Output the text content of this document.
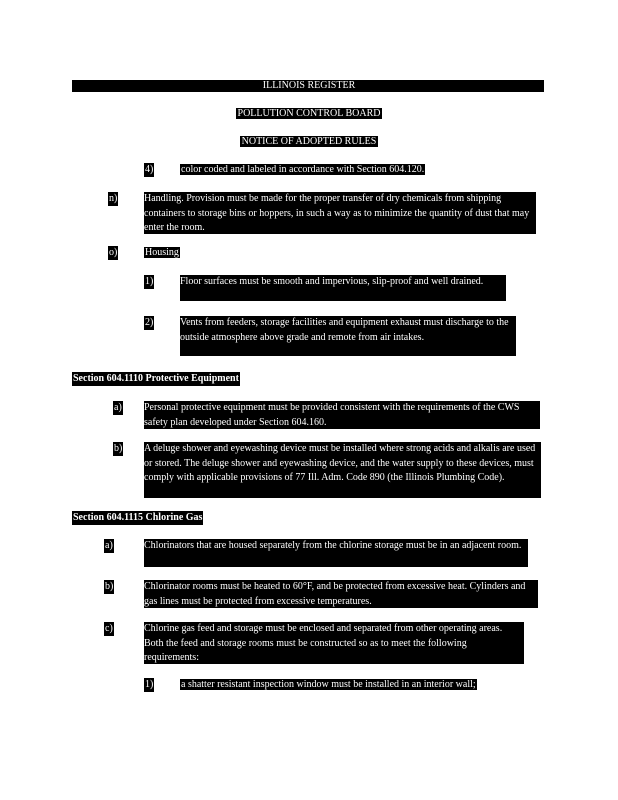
ILLINOIS REGISTER
POLLUTION CONTROL BOARD
NOTICE OF ADOPTED RULES
4)	color coded and labeled in accordance with Section 604.120.
n)	Handling. Provision must be made for the proper transfer of dry chemicals from shipping containers to storage bins or hoppers, in such a way as to minimize the quantity of dust that may enter the room.
o)	Housing
1)	Floor surfaces must be smooth and impervious, slip-proof and well drained.
2)	Vents from feeders, storage facilities and equipment exhaust must discharge to the outside atmosphere above grade and remote from air intakes.
Section 604.1110 Protective Equipment
a) Personal protective equipment must be provided consistent with the requirements of the CWS safety plan developed under Section 604.160.
b) A deluge shower and eyewashing device must be installed where strong acids and alkalis are used or stored. The deluge shower and eyewashing device, and the water supply to these devices, must comply with applicable provisions of 77 Ill. Adm. Code 890 (the Illinois Plumbing Code).
Section 604.1115 Chlorine Gas
a)	Chlorinators that are housed separately from the chlorine storage must be in an adjacent room.
b)	Chlorinator rooms must be heated to 60°F, and be protected from excessive heat. Cylinders and gas lines must be protected from excessive temperatures.
c)	Chlorine gas feed and storage must be enclosed and separated from other operating areas. Both the feed and storage rooms must be constructed so as to meet the following requirements:
1)	a shatter resistant inspection window must be installed in an interior wall;
